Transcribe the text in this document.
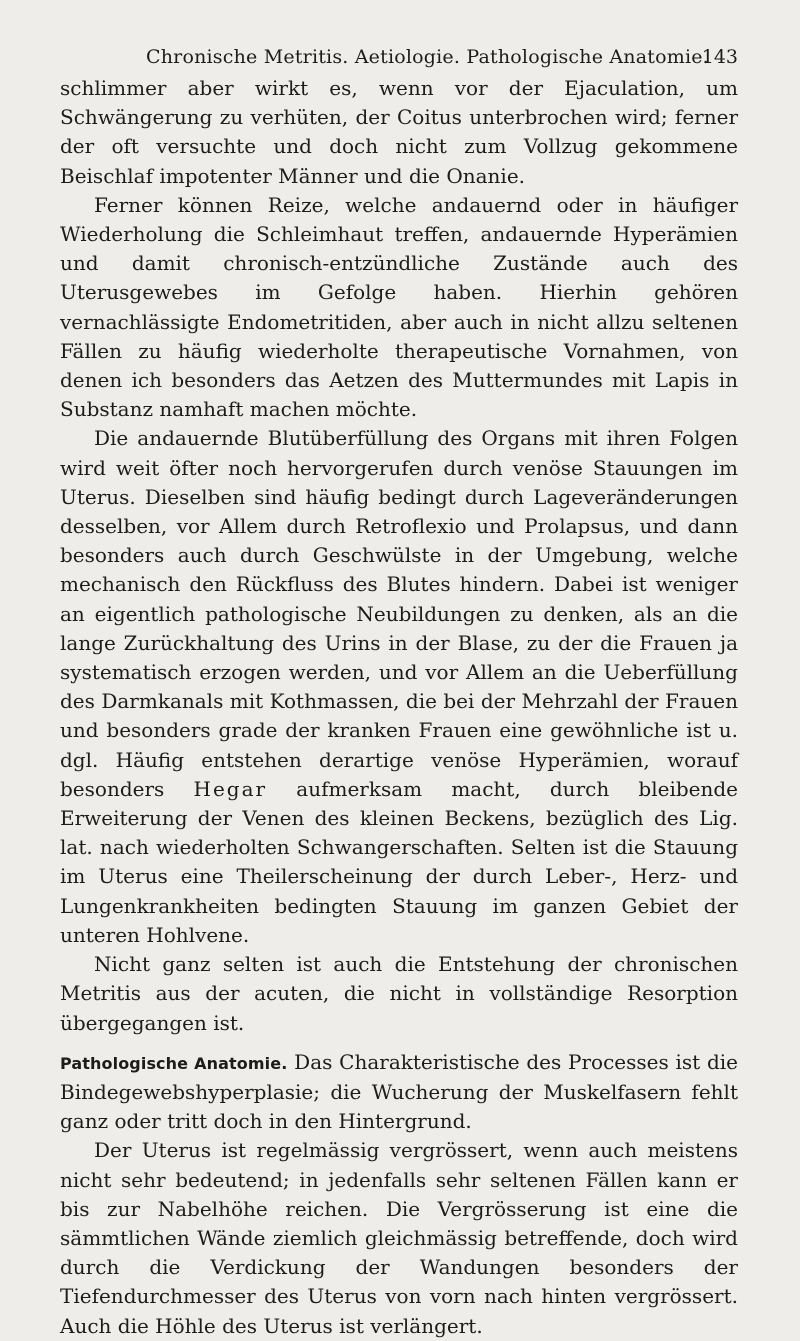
Chronische Metritis. Aetiologie. Pathologische Anatomie.
143

schlimmer aber wirkt es, wenn vor der Ejaculation, um Schwängerung zu verhüten, der Coitus unterbrochen wird; ferner der oft versuchte und doch nicht zum Vollzug gekommene Beischlaf impotenter Männer und die Onanie.

Ferner können Reize, welche andauernd oder in häufiger Wiederholung die Schleimhaut treffen, andauernde Hyperämien und damit chronisch-entzündliche Zustände auch des Uterusgewebes im Gefolge haben. Hierhin gehören vernachlässigte Endometritiden, aber auch in nicht allzu seltenen Fällen zu häufig wiederholte therapeutische Vornahmen, von denen ich besonders das Aetzen des Muttermundes mit Lapis in Substanz namhaft machen möchte.

Die andauernde Blutüberfüllung des Organs mit ihren Folgen wird weit öfter noch hervorgerufen durch venöse Stauungen im Uterus. Dieselben sind häufig bedingt durch Lageveränderungen desselben, vor Allem durch Retroflexio und Prolapsus, und dann besonders auch durch Geschwülste in der Umgebung, welche mechanisch den Rückfluss des Blutes hindern. Dabei ist weniger an eigentlich pathologische Neubildungen zu denken, als an die lange Zurückhaltung des Urins in der Blase, zu der die Frauen ja systematisch erzogen werden, und vor Allem an die Ueberfüllung des Darmkanals mit Kothmassen, die bei der Mehrzahl der Frauen und besonders grade der kranken Frauen eine gewöhnliche ist u. dgl. Häufig entstehen derartige venöse Hyperämien, worauf besonders Hegar aufmerksam macht, durch bleibende Erweiterung der Venen des kleinen Beckens, bezüglich des Lig. lat. nach wiederholten Schwangerschaften. Selten ist die Stauung im Uterus eine Theilerscheinung der durch Leber-, Herz- und Lungenkrankheiten bedingten Stauung im ganzen Gebiet der unteren Hohlvene.

Nicht ganz selten ist auch die Entstehung der chronischen Metritis aus der acuten, die nicht in vollständige Resorption übergegangen ist.

Pathologische Anatomie. Das Charakteristische des Processes ist die Bindegewebshyperplasie; die Wucherung der Muskelfasern fehlt ganz oder tritt doch in den Hintergrund.

Der Uterus ist regelmässig vergrössert, wenn auch meistens nicht sehr bedeutend; in jedenfalls sehr seltenen Fällen kann er bis zur Nabelhöhe reichen. Die Vergrösserung ist eine die sämmtlichen Wände ziemlich gleichmässig betreffende, doch wird durch die Verdickung der Wandungen besonders der Tiefendurchmesser des Uterus von vorn nach hinten vergrössert. Auch die Höhle des Uterus ist verlängert.
